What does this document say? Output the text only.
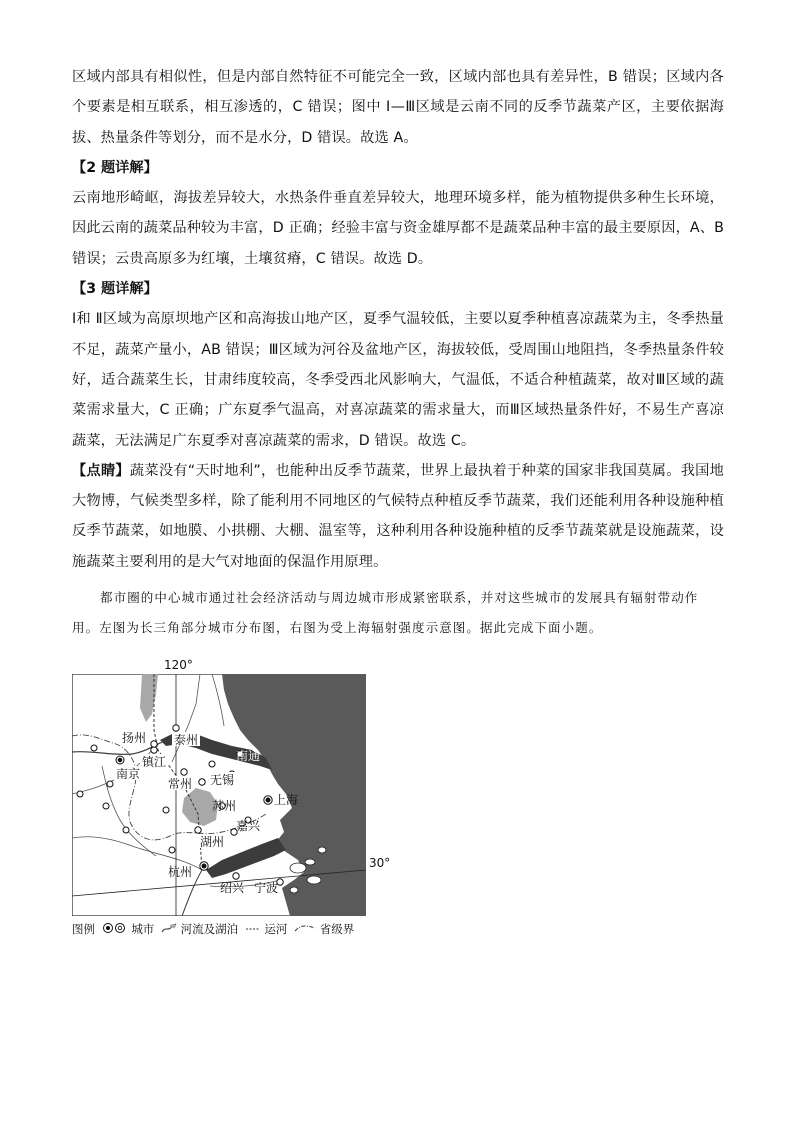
区域内部具有相似性，但是内部自然特征不可能完全一致，区域内部也具有差异性，B 错误；区域内各个要素是相互联系，相互渗透的，C 错误；图中 Ⅰ—Ⅲ区域是云南不同的反季节蔬菜产区，主要依据海拔、热量条件等划分，而不是水分，D 错误。故选 A。

【2 题详解】

云南地形崎岖，海拔差异较大，水热条件垂直差异较大，地理环境多样，能为植物提供多种生长环境，因此云南的蔬菜品种较为丰富，D 正确；经验丰富与资金雄厚都不是蔬菜品种丰富的最主要原因，A、B 错误；云贵高原多为红壤，土壤贫瘠，C 错误。故选 D。

【3 题详解】

Ⅰ和 Ⅱ区域为高原坝地产区和高海拔山地产区，夏季气温较低，主要以夏季种植喜凉蔬菜为主，冬季热量不足，蔬菜产量小，AB 错误；Ⅲ区域为河谷及盆地产区，海拔较低，受周围山地阻挡，冬季热量条件较好，适合蔬菜生长，甘肃纬度较高，冬季受西北风影响大，气温低，不适合种植蔬菜，故对Ⅲ区域的蔬菜需求量大，C 正确；广东夏季气温高，对喜凉蔬菜的需求量大，而Ⅲ区域热量条件好，不易生产喜凉蔬菜，无法满足广东夏季对喜凉蔬菜的需求，D 错误。故选 C。

【点睛】蔬菜没有“天时地利”，也能种出反季节蔬菜，世界上最执着于种菜的国家非我国莫属。我国地大物博，气候类型多样，除了能利用不同地区的气候特点种植反季节蔬菜，我们还能利用各种设施种植反季节蔬菜，如地膜、小拱棚、大棚、温室等，这种利用各种设施种植的反季节蔬菜就是设施蔬菜，设施蔬菜主要利用的是大气对地面的保温作用原理。

都市圈的中心城市通过社会经济活动与周边城市形成紧密联系，并对这些城市的发展具有辐射带动作用。左图为长三角部分城市分布图，右图为受上海辐射强度示意图。据此完成下面小题。

120°
扬州 泰州
南通
镇江
南京
常州 无锡
苏州	上海
湖州
嘉兴
杭州
绍兴 宁波
30°
图例	城市 河流及湖泊 运河	省级界
